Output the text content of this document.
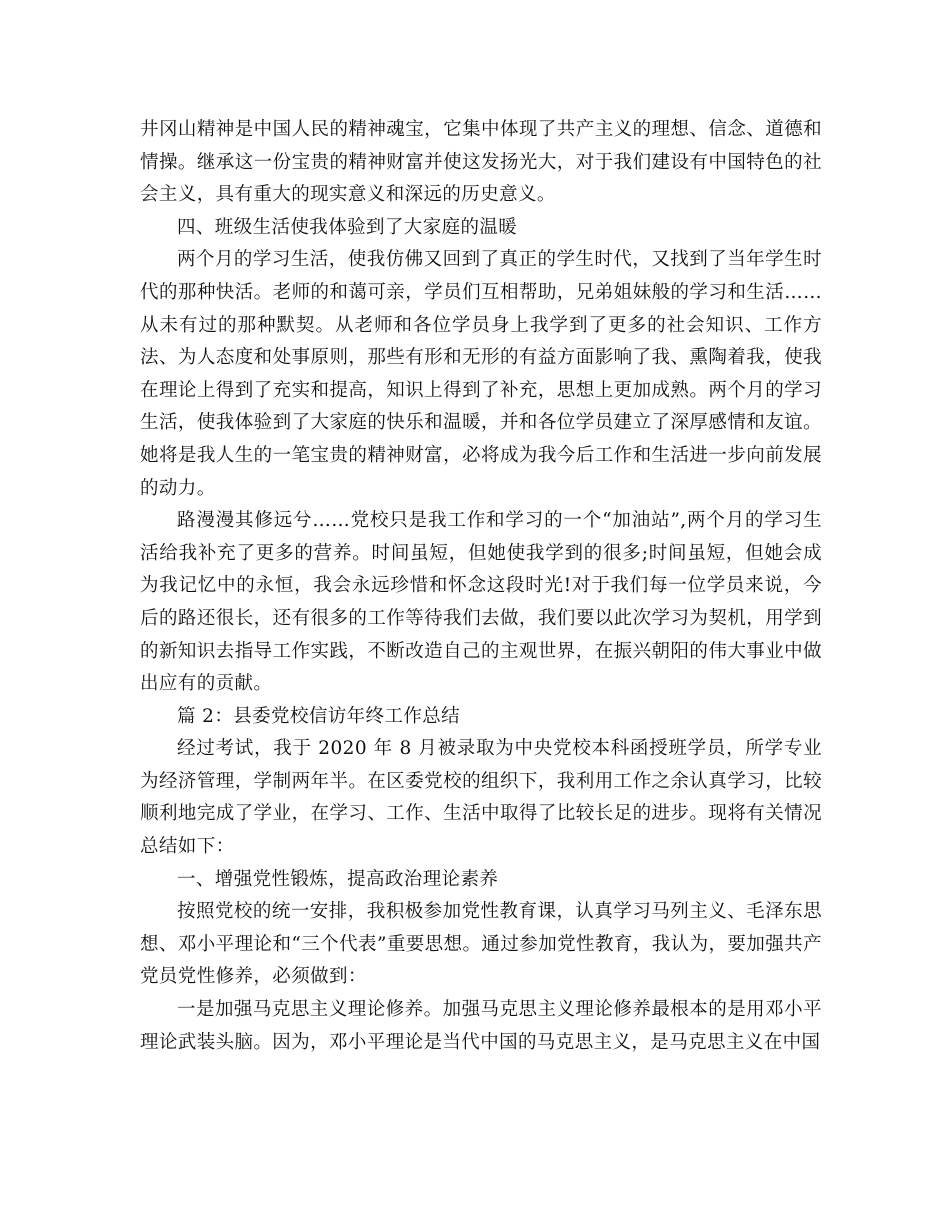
井冈山精神是中国人民的精神魂宝，它集中体现了共产主义的理想、信念、道德和情操。继承这一份宝贵的精神财富并使这发扬光大，对于我们建设有中国特色的社会主义，具有重大的现实意义和深远的历史意义。

四、班级生活使我体验到了大家庭的温暖

两个月的学习生活，使我仿佛又回到了真正的学生时代，又找到了当年学生时代的那种快活。老师的和蔼可亲，学员们互相帮助，兄弟姐妹般的学习和生活……从未有过的那种默契。从老师和各位学员身上我学到了更多的社会知识、工作方法、为人态度和处事原则，那些有形和无形的有益方面影响了我、熏陶着我，使我在理论上得到了充实和提高，知识上得到了补充，思想上更加成熟。两个月的学习生活，使我体验到了大家庭的快乐和温暖，并和各位学员建立了深厚感情和友谊。她将是我人生的一笔宝贵的精神财富，必将成为我今后工作和生活进一步向前发展的动力。

路漫漫其修远兮……党校只是我工作和学习的一个“加油站”,两个月的学习生活给我补充了更多的营养。时间虽短，但她使我学到的很多;时间虽短，但她会成为我记忆中的永恒，我会永远珍惜和怀念这段时光!对于我们每一位学员来说，今后的路还很长，还有很多的工作等待我们去做，我们要以此次学习为契机，用学到的新知识去指导工作实践，不断改造自己的主观世界，在振兴朝阳的伟大事业中做出应有的贡献。

篇 2：县委党校信访年终工作总结

经过考试，我于 2020 年 8 月被录取为中央党校本科函授班学员，所学专业为经济管理，学制两年半。在区委党校的组织下，我利用工作之余认真学习，比较顺利地完成了学业，在学习、工作、生活中取得了比较长足的进步。现将有关情况总结如下：

一、增强党性锻炼，提高政治理论素养

按照党校的统一安排，我积极参加党性教育课，认真学习马列主义、毛泽东思想、邓小平理论和“三个代表”重要思想。通过参加党性教育，我认为，要加强共产党员党性修养，必须做到：

一是加强马克思主义理论修养。加强马克思主义理论修养最根本的是用邓小平理论武装头脑。因为，邓小平理论是当代中国的马克思主义，是马克思主义在中国
